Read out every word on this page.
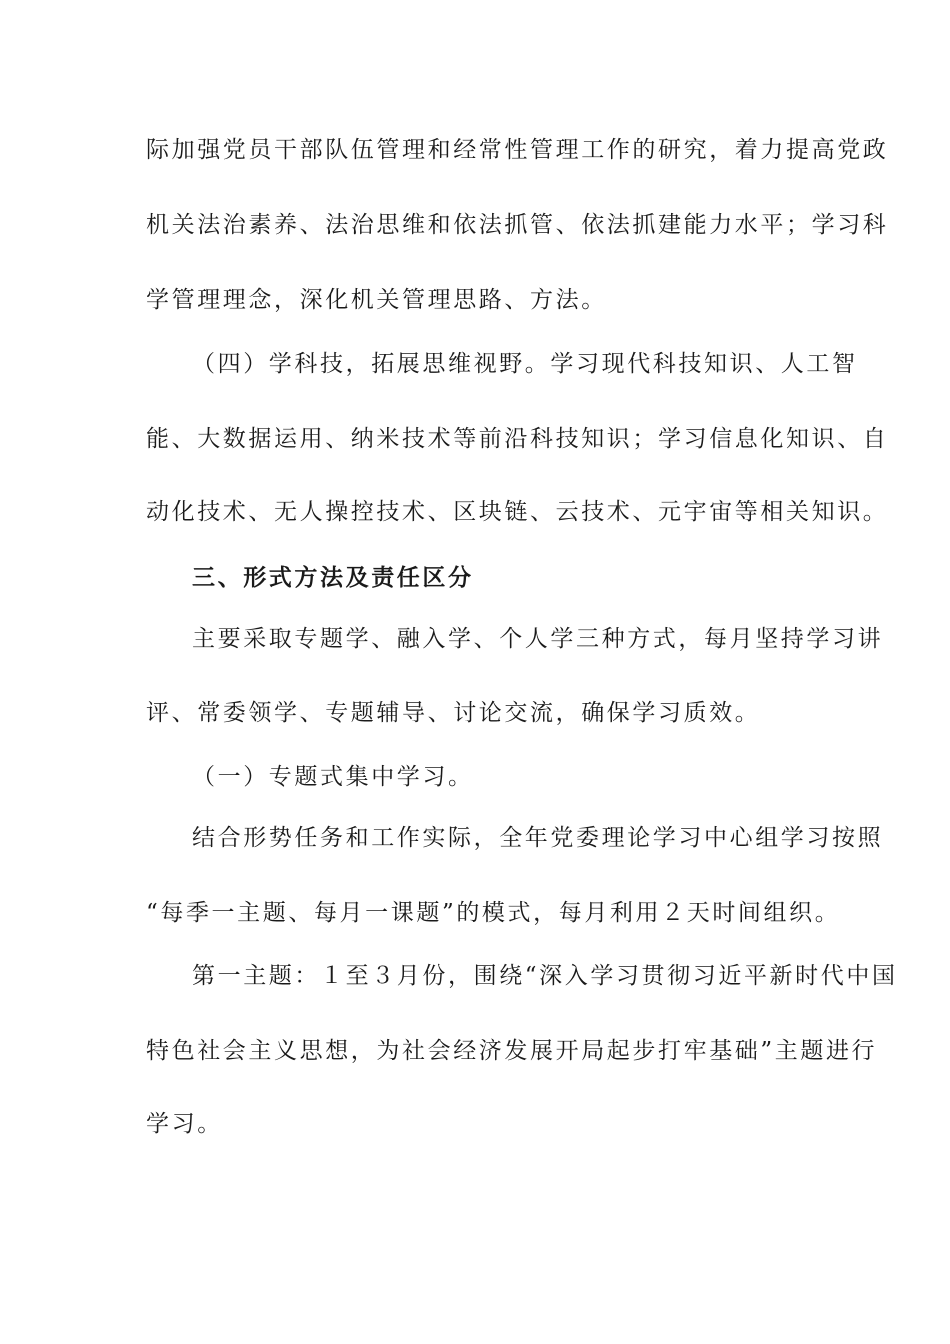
际加强党员干部队伍管理和经常性管理工作的研究，着力提高党政
机关法治素养、法治思维和依法抓管、依法抓建能力水平；学习科
学管理理念，深化机关管理思路、方法。
（四）学科技，拓展思维视野。学习现代科技知识、人工智
能、大数据运用、纳米技术等前沿科技知识；学习信息化知识、自
动化技术、无人操控技术、区块链、云技术、元宇宙等相关知识。
三、形式方法及责任区分
主要采取专题学、融入学、个人学三种方式，每月坚持学习讲
评、常委领学、专题辅导、讨论交流，确保学习质效。
（一）专题式集中学习。
结合形势任务和工作实际，全年党委理论学习中心组学习按照
“每季一主题、每月一课题”的模式，每月利用２天时间组织。
第一主题：１至３月份，围绕“深入学习贯彻习近平新时代中国
特色社会主义思想，为社会经济发展开局起步打牢基础”主题进行
学习。
